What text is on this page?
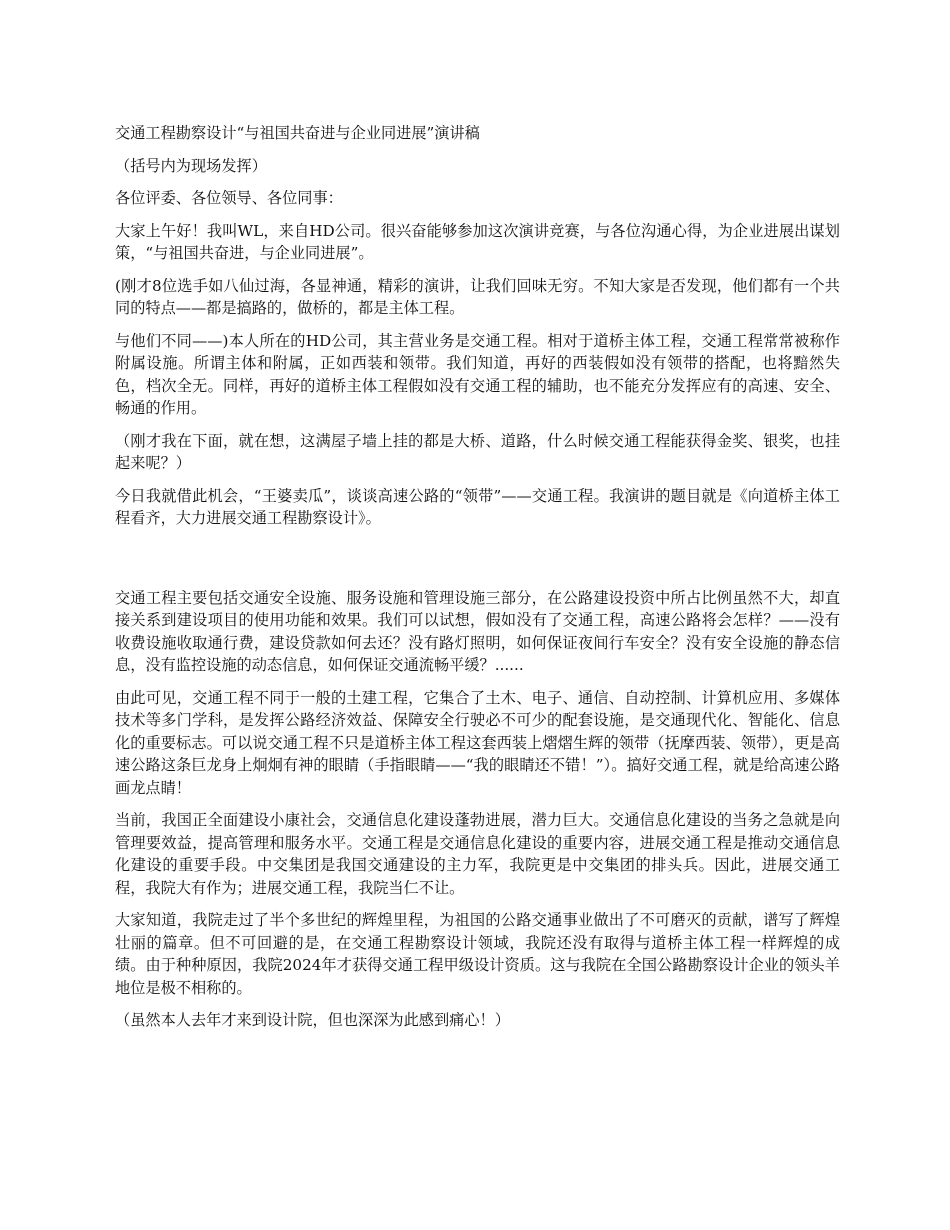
交通工程勘察设计“与祖国共奋进与企业同进展”演讲稿

（括号内为现场发挥）

各位评委、各位领导、各位同事：

大家上午好！我叫WL，来自HD公司。很兴奋能够参加这次演讲竞赛，与各位沟通心得，为企业进展出谋划策，“与祖国共奋进，与企业同进展”。

(刚才8位选手如八仙过海，各显神通，精彩的演讲，让我们回味无穷。不知大家是否发现，他们都有一个共同的特点——都是搞路的，做桥的，都是主体工程。

与他们不同——)本人所在的HD公司，其主营业务是交通工程。相对于道桥主体工程，交通工程常常被称作附属设施。所谓主体和附属，正如西装和领带。我们知道，再好的西装假如没有领带的搭配，也将黯然失色，档次全无。同样，再好的道桥主体工程假如没有交通工程的辅助，也不能充分发挥应有的高速、安全、畅通的作用。

（刚才我在下面，就在想，这满屋子墙上挂的都是大桥、道路，什么时候交通工程能获得金奖、银奖，也挂起来呢？）

今日我就借此机会，“王婆卖瓜”，谈谈高速公路的“领带”——交通工程。我演讲的题目就是《向道桥主体工程看齐，大力进展交通工程勘察设计》。

交通工程主要包括交通安全设施、服务设施和管理设施三部分，在公路建设投资中所占比例虽然不大，却直接关系到建设项目的使用功能和效果。我们可以试想，假如没有了交通工程，高速公路将会怎样？——没有收费设施收取通行费，建设贷款如何去还？没有路灯照明，如何保证夜间行车安全？没有安全设施的静态信息，没有监控设施的动态信息，如何保证交通流畅平缓？......

由此可见，交通工程不同于一般的土建工程，它集合了土木、电子、通信、自动控制、计算机应用、多媒体技术等多门学科，是发挥公路经济效益、保障安全行驶必不可少的配套设施，是交通现代化、智能化、信息化的重要标志。可以说交通工程不只是道桥主体工程这套西装上熠熠生辉的领带（抚摩西装、领带），更是高速公路这条巨龙身上炯炯有神的眼睛（手指眼睛——“我的眼睛还不错！”）。搞好交通工程，就是给高速公路画龙点睛！

当前，我国正全面建设小康社会，交通信息化建设蓬勃进展，潜力巨大。交通信息化建设的当务之急就是向管理要效益，提高管理和服务水平。交通工程是交通信息化建设的重要内容，进展交通工程是推动交通信息化建设的重要手段。中交集团是我国交通建设的主力军，我院更是中交集团的排头兵。因此，进展交通工程，我院大有作为；进展交通工程，我院当仁不让。

大家知道，我院走过了半个多世纪的辉煌里程，为祖国的公路交通事业做出了不可磨灭的贡献，谱写了辉煌壮丽的篇章。但不可回避的是，在交通工程勘察设计领域，我院还没有取得与道桥主体工程一样辉煌的成绩。由于种种原因，我院2024年才获得交通工程甲级设计资质。这与我院在全国公路勘察设计企业的领头羊地位是极不相称的。

（虽然本人去年才来到设计院，但也深深为此感到痛心！）
